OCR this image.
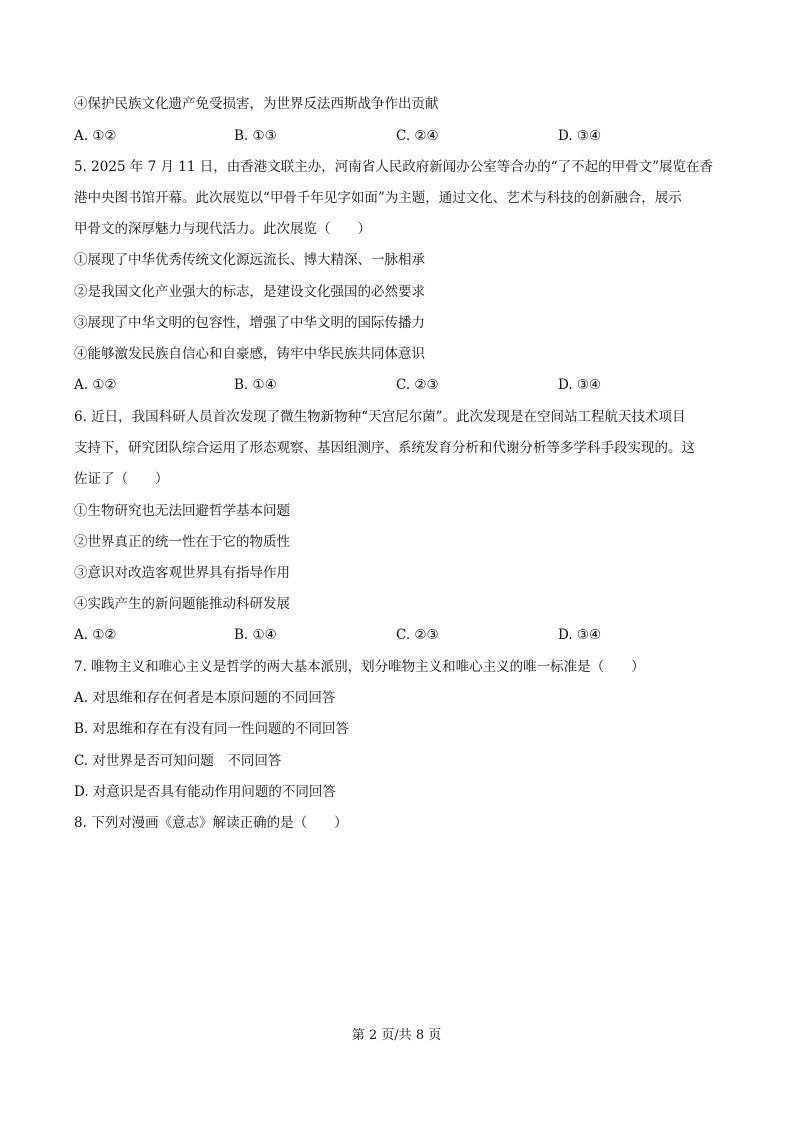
④保护民族文化遗产免受损害，为世界反法西斯战争作出贡献
A. ①②	B. ①③	C. ②④	D. ③④
5. 2025 年 7 月 11 日，由香港文联主办，河南省人民政府新闻办公室等合办的“了不起的甲骨文”展览在香
港中央图书馆开幕。此次展览以“甲骨千年见字如面”为主题，通过文化、艺术与科技的创新融合，展示
甲骨文的深厚魅力与现代活力。此次展览（　　）
①展现了中华优秀传统文化源远流长、博大精深、一脉相承
②是我国文化产业强大的标志，是建设文化强国的必然要求
③展现了中华文明的包容性，增强了中华文明的国际传播力
④能够激发民族自信心和自豪感，铸牢中华民族共同体意识
A. ①②	B. ①④	C. ②③	D. ③④
6. 近日，我国科研人员首次发现了微生物新物种“天宫尼尔菌”。此次发现是在空间站工程航天技术项目
支持下，研究团队综合运用了形态观察、基因组测序、系统发育分析和代谢分析等多学科手段实现的。这
佐证了（　　）
①生物研究也无法回避哲学基本问题
②世界真正的统一性在于它的物质性
③意识对改造客观世界具有指导作用
④实践产生的新问题能推动科研发展
A. ①②	B. ①④	C. ②③	D. ③④
7. 唯物主义和唯心主义是哲学的两大基本派别，划分唯物主义和唯心主义的唯一标准是（　　）
A. 对思维和存在何者是本原问题的不同回答
B. 对思维和存在有没有同一性问题的不同回答
C. 对世界是否可知问题　不同回答
D. 对意识是否具有能动作用问题的不同回答
8. 下列对漫画《意志》解读正确的是（　　）
第 2 页/共 8 页
